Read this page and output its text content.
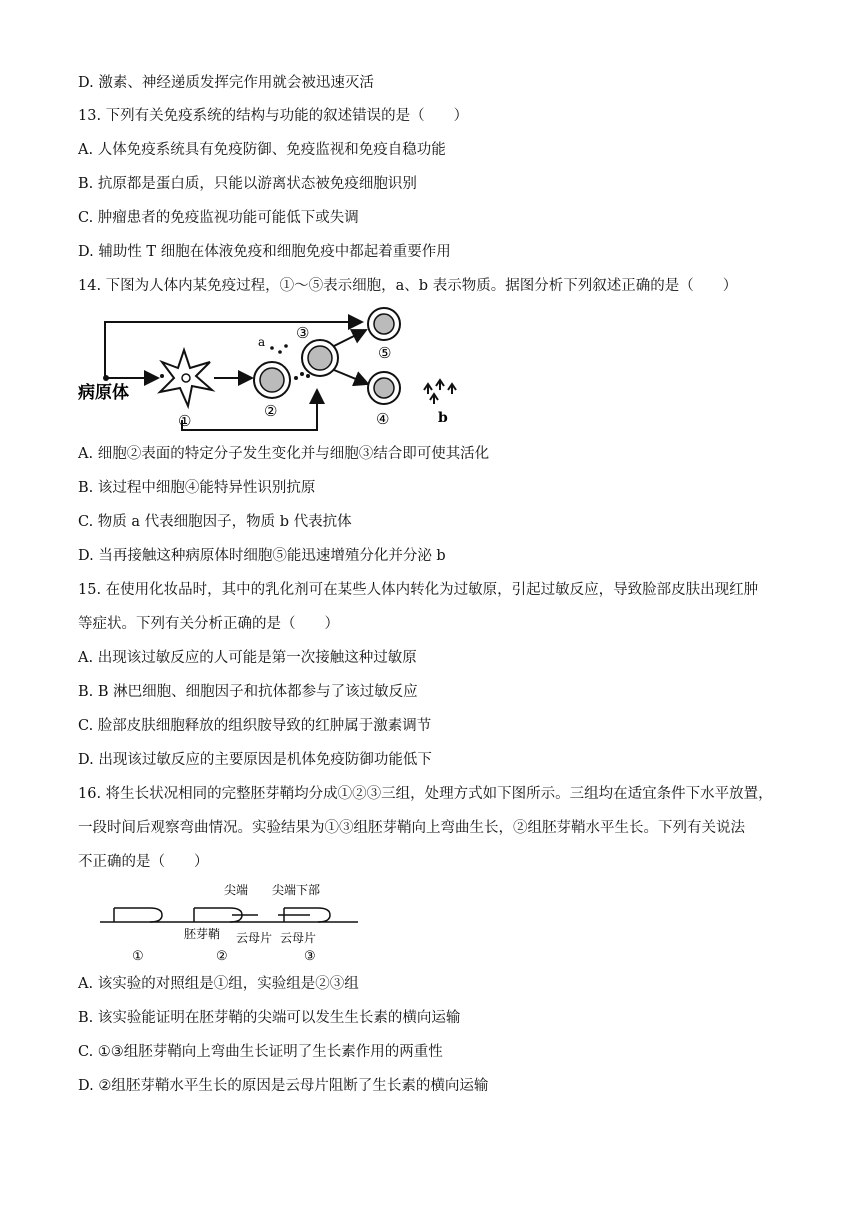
D. 激素、神经递质发挥完作用就会被迅速灭活
13. 下列有关免疫系统的结构与功能的叙述错误的是（　　）
A. 人体免疫系统具有免疫防御、免疫监视和免疫自稳功能
B. 抗原都是蛋白质，只能以游离状态被免疫细胞识别
C. 肿瘤患者的免疫监视功能可能低下或失调
D. 辅助性 T 细胞在体液免疫和细胞免疫中都起着重要作用
14. 下图为人体内某免疫过程，①～⑤表示细胞，a、b 表示物质。据图分析下列叙述正确的是（　　）
a
b
病原体
①
②
③
⑤
④
A. 细胞②表面的特定分子发生变化并与细胞③结合即可使其活化
B. 该过程中细胞④能特异性识别抗原
C. 物质 a 代表细胞因子，物质 b 代表抗体
D. 当再接触这种病原体时细胞⑤能迅速增殖分化并分泌 b
15. 在使用化妆品时，其中的乳化剂可在某些人体内转化为过敏原，引起过敏反应，导致脸部皮肤出现红肿
等症状。下列有关分析正确的是（　　）
A. 出现该过敏反应的人可能是第一次接触这种过敏原
B. B 淋巴细胞、细胞因子和抗体都参与了该过敏反应
C. 脸部皮肤细胞释放的组织胺导致的红肿属于激素调节
D. 出现该过敏反应的主要原因是机体免疫防御功能低下
16. 将生长状况相同的完整胚芽鞘均分成①②③三组，处理方式如下图所示。三组均在适宜条件下水平放置，
一段时间后观察弯曲情况。实验结果为①③组胚芽鞘向上弯曲生长，②组胚芽鞘水平生长。下列有关说法
不正确的是（　　）
尖端 尖端下部
胚芽鞘 云母片 云母片
①	②	③
A. 该实验的对照组是①组，实验组是②③组
B. 该实验能证明在胚芽鞘的尖端可以发生生长素的横向运输
C. ①③组胚芽鞘向上弯曲生长证明了生长素作用的两重性
D. ②组胚芽鞘水平生长的原因是云母片阻断了生长素的横向运输
